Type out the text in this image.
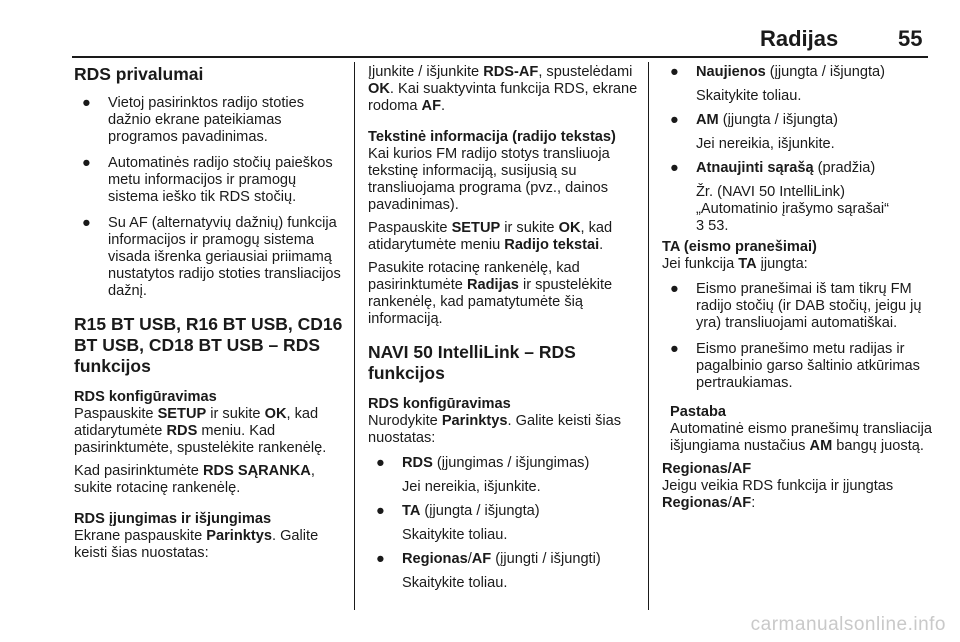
Radijas	55
RDS privalumai
●	Vietoj pasirinktos radijo stoties dažnio ekrane pateikiamas programos pavadinimas.
●	Automatinės radijo stočių paieškos metu informacijos ir pramogų sistema ieško tik RDS stočių.
●	Su AF (alternatyvių dažnių) funkcija informacijos ir pramogų sistema visada išrenka geriausiai priimamą nustatytos radijo stoties transliacijos dažnį.
R15 BT USB, R16 BT USB, CD16 BT USB, CD18 BT USB – RDS funkcijos
RDS konfigūravimas

Paspauskite SETUP ir sukite OK, kad atidarytumėte RDS meniu. Kad pasirinktumėte, spustelėkite rankenėlę.

Kad pasirinktumėte RDS SĄRANKA, sukite rotacinę rankenėlę.

RDS įjungimas ir išjungimas

Ekrane paspauskite Parinktys. Galite keisti šias nuostatas:

Įjunkite / išjunkite RDS-AF, spustelėdami OK. Kai suaktyvinta funkcija RDS, ekrane rodoma AF.

Tekstinė informacija (radijo tekstas)

Kai kurios FM radijo stotys transliuoja tekstinę informaciją, susijusią su transliuojama programa (pvz., dainos pavadinimas).

Paspauskite SETUP ir sukite OK, kad atidarytumėte meniu Radijo tekstai.

Pasukite rotacinę rankenėlę, kad pasirinktumėte Radijas ir spustelėkite rankenėlę, kad pamatytumėte šią informaciją.

NAVI 50 IntelliLink – RDS funkcijos
RDS konfigūravimas

Nurodykite Parinktys. Galite keisti šias nuostatas:

●	RDS (įjungimas / išjungimas)

Jei nereikia, išjunkite.

●	TA (įjungta / išjungta)

Skaitykite toliau.

●	Regionas/AF (įjungti / išjungti)

Skaitykite toliau.

●	Naujienos (įjungta / išjungta)

Skaitykite toliau.

●	AM (įjungta / išjungta)

Jei nereikia, išjunkite.

●	Atnaujinti sąrašą (pradžia)

Žr. (NAVI 50 IntelliLink)

„Automatinio įrašymo sąrašai“

3 53.

TA (eismo pranešimai)

Jei funkcija TA įjungta:

●	Eismo pranešimai iš tam tikrų FM radijo stočių (ir DAB stočių, jeigu jų yra) transliuojami automatiškai.
●	Eismo pranešimo metu radijas ir pagalbinio garso šaltinio atkūrimas pertraukiamas.
Pastaba

Automatinė eismo pranešimų transliacija išjungiama nustačius AM bangų juostą.

Regionas/AF

Jeigu veikia RDS funkcija ir įjungtas

Regionas/AF:

carmanualsonline.info
